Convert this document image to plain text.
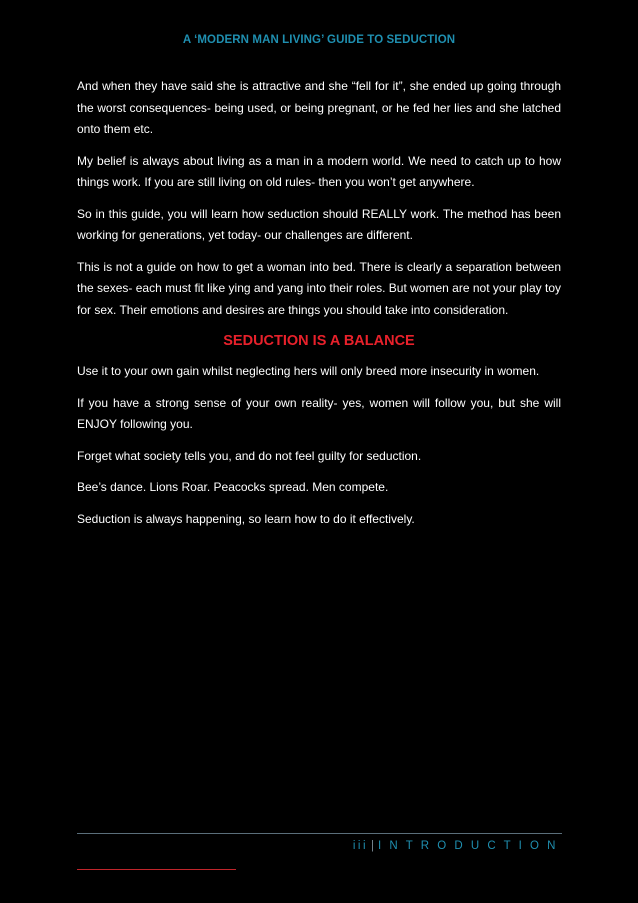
A ‘MODERN MAN LIVING’ GUIDE TO SEDUCTION

And when they have said she is attractive and she “fell for it”, she ended up going through the worst consequences- being used, or being pregnant, or he fed her lies and she latched onto them etc.

My belief is always about living as a man in a modern world. We need to catch up to how things work. If you are still living on old rules- then you won’t get anywhere.

So in this guide, you will learn how seduction should REALLY work. The method has been working for generations, yet today- our challenges are different.

This is not a guide on how to get a woman into bed. There is clearly a separation between the sexes- each must fit like ying and yang into their roles. But women are not your play toy for sex. Their emotions and desires are things you should take into consideration.

SEDUCTION IS A BALANCE

Use it to your own gain whilst neglecting hers will only breed more insecurity in women.

If you have a strong sense of your own reality- yes, women will follow you, but she will ENJOY following you.

Forget what society tells you, and do not feel guilty for seduction.

Bee’s dance. Lions Roar. Peacocks spread. Men compete.

Seduction is always happening, so learn how to do it effectively.

iii | I N T R O D U C T I O N
